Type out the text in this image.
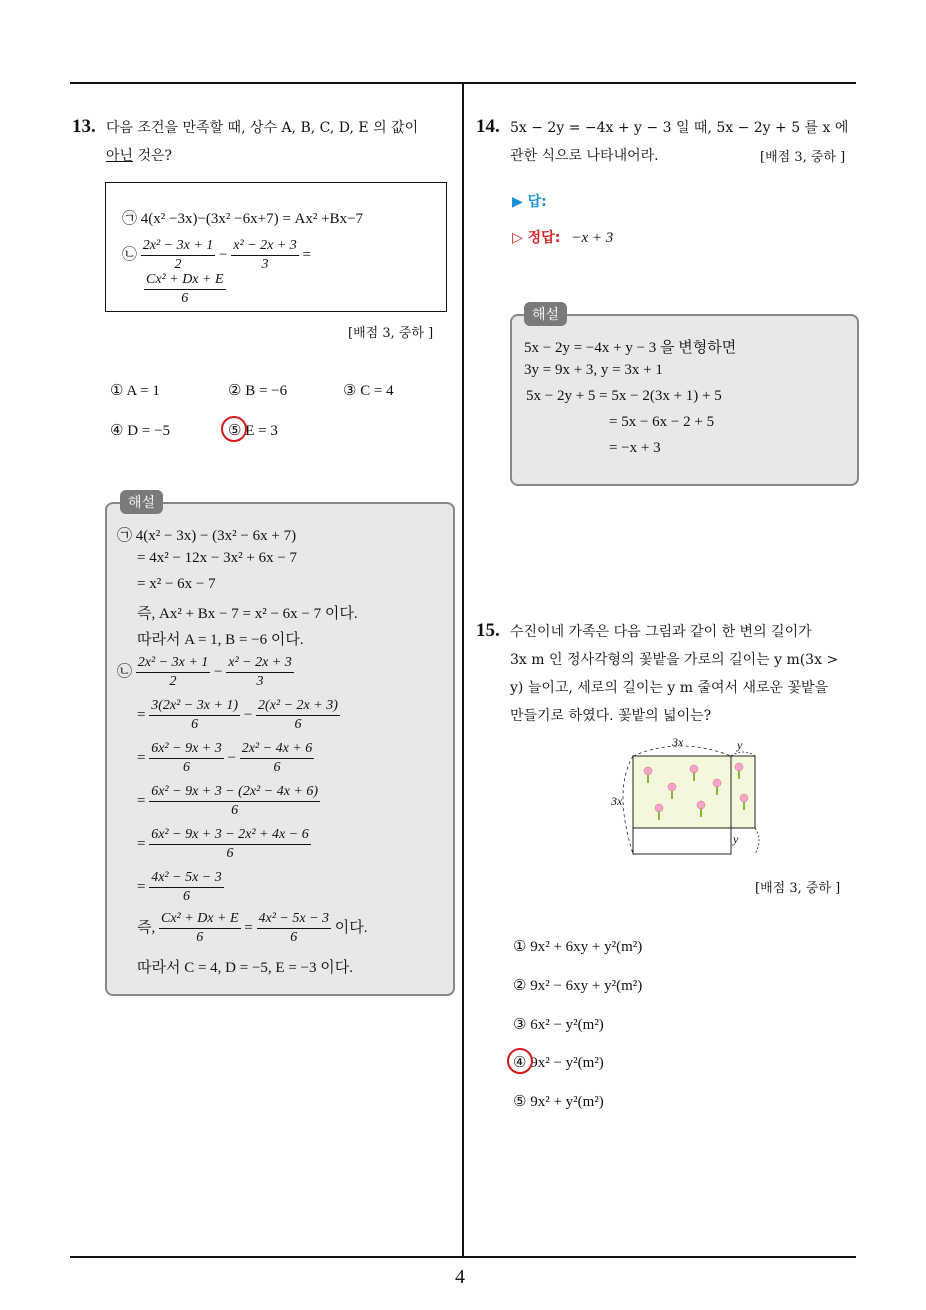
4
13. 다음 조건을 만족할 때, 상수 A, B, C, D, E 의 값이
아닌 것은?
㉠ 4(x² −3x)−(3x² −6x+7) = Ax² +Bx−7
㉡ $\frac{\text{2x² − 3x + 1}}{2} - \frac{\text{x² − 2x + 3}}{3}$ =
$\frac{\text{Cx² + Dx + E}}{6}$
[배점 3, 중하 ]
① A = 1	② B = −6	③ C = 4
④ D = −5	⑤ E = 3
㉠ 4(x² − 3x) − (3x² − 6x + 7)
= 4x² − 12x − 3x² + 6x − 7
= x² − 6x − 7
즉, Ax² + Bx − 7 = x² − 6x − 7 이다.
따라서 A = 1, B = −6 이다.
㉡ $\frac{\text{2x² − 3x + 1}}{2} - \frac{\text{x² − 2x + 3}}{3}$
= $\frac{\text{3(2x² − 3x + 1)}}{6} - \frac{\text{2(x² − 2x + 3)}}{6}$
= $\frac{\text{6x² − 9x + 3}}{6} - \frac{\text{2x² − 4x + 6}}{6}$
= $\frac{\text{6x² − 9x + 3 − (2x² − 4x + 6)}}{6}$
= $\frac{\text{6x² − 9x + 3 − 2x² + 4x − 6}}{6}$
= $\frac{\text{4x² − 5x − 3}}{6}$
즉, $\frac{\text{Cx² + Dx + E}}{6} = \frac{\text{4x² − 5x − 3}}{6}$ 이다.
따라서 C = 4, D = −5, E = −3 이다.
해설
14. 5x − 2y = −4x + y − 3 일 때, 5x − 2y + 5 를 x 에
관한 식으로 나타내어라.	[배점 3, 중하 ]
▶ 답:
▷ 정답: −x + 3
5x − 2y = −4x + y − 3 을 변형하면
3y = 9x + 3, y = 3x + 1
5x − 2y + 5 = 5x − 2(3x + 1) + 5
= 5x − 6x − 2 + 5
= −x + 3
해설
15. 수진이네 가족은 다음 그림과 같이 한 변의 길이가
3x m 인 정사각형의 꽃밭을 가로의 길이는 y m(3x >
y) 늘이고, 세로의 길이는 y m 줄여서 새로운 꽃밭을
만들기로 하였다. 꽃밭의 넓이는?
3x	y
3x
y
[배점 3, 중하 ]
① 9x² + 6xy + y²(m²)
② 9x² − 6xy + y²(m²)
③ 6x² − y²(m²)
④ 9x² − y²(m²)
⑤ 9x² + y²(m²)
